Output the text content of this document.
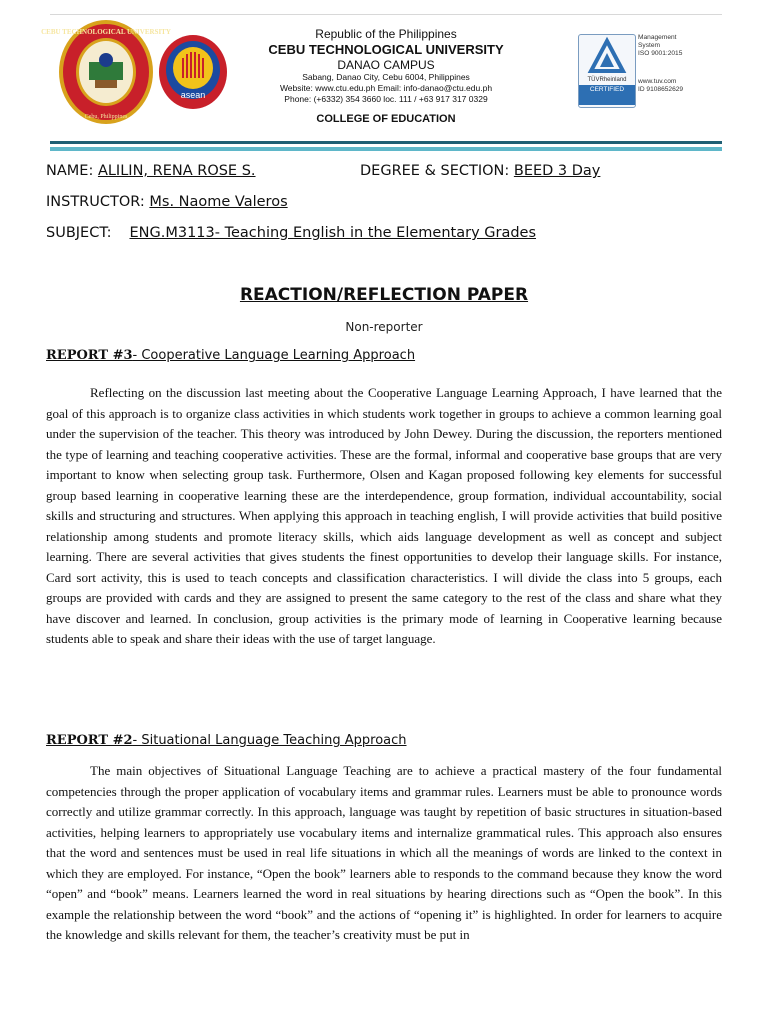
CEBU TECHNOLOGICAL UNIVERSITY
Cebu, Philippines
asean
Republic of the Philippines
CEBU TECHNOLOGICAL UNIVERSITY
DANAO CAMPUS
Sabang, Danao City, Cebu 6004, Philippines
Website: www.ctu.edu.ph Email: info-danao@ctu.edu.ph
Phone: (+6332) 354 3660 loc. 111 / +63 917 317 0329
COLLEGE OF EDUCATION
TÜVRheinland
CERTIFIED
Management
System
ISO 9001:2015
www.tuv.com
ID 9108652629
NAME: ALILIN, RENA ROSE S.	DEGREE & SECTION: BEED 3 Day
INSTRUCTOR: Ms. Naome Valeros
SUBJECT: ENG.M3113- Teaching English in the Elementary Grades
REACTION/REFLECTION PAPER
Non-reporter
REPORT #3- Cooperative Language Learning Approach
Reflecting on the discussion last meeting about the Cooperative Language Learning Approach, I have learned that the goal of this approach is to organize class activities in which students work together in groups to achieve a common learning goal under the supervision of the teacher. This theory was introduced by John Dewey. During the discussion, the reporters mentioned the type of learning and teaching cooperative activities. These are the formal, informal and cooperative base groups that are very important to know when selecting group task. Furthermore, Olsen and Kagan proposed following key elements for successful group based learning in cooperative learning these are the interdependence, group formation, individual accountability, social skills and structuring and structures. When applying this approach in teaching english, I will provide activities that build positive relationship among students and promote literacy skills, which aids language development as well as concept and subject learning. There are several activities that gives students the finest opportunities to develop their language skills. For instance, Card sort activity, this is used to teach concepts and classification characteristics. I will divide the class into 5 groups, each groups are provided with cards and they are assigned to present the same category to the rest of the class and share what they have discover and learned. In conclusion, group activities is the primary mode of learning in Cooperative learning because students able to speak and share their ideas with the use of target language.
REPORT #2- Situational Language Teaching Approach
The main objectives of Situational Language Teaching are to achieve a practical mastery of the four fundamental competencies through the proper application of vocabulary items and grammar rules. Learners must be able to pronounce words correctly and utilize grammar correctly. In this approach, language was taught by repetition of basic structures in situation-based activities, helping learners to appropriately use vocabulary items and internalize grammatical rules. This approach also ensures that the word and sentences must be used in real life situations in which all the meanings of words are linked to the context in which they are employed. For instance, “Open the book” learners able to responds to the command because they know the word “open” and “book” means. Learners learned the word in real situations by hearing directions such as “Open the book”. In this example the relationship between the word “book” and the actions of “opening it” is highlighted. In order for learners to acquire the knowledge and skills relevant for them, the teacher’s creativity must be put in
